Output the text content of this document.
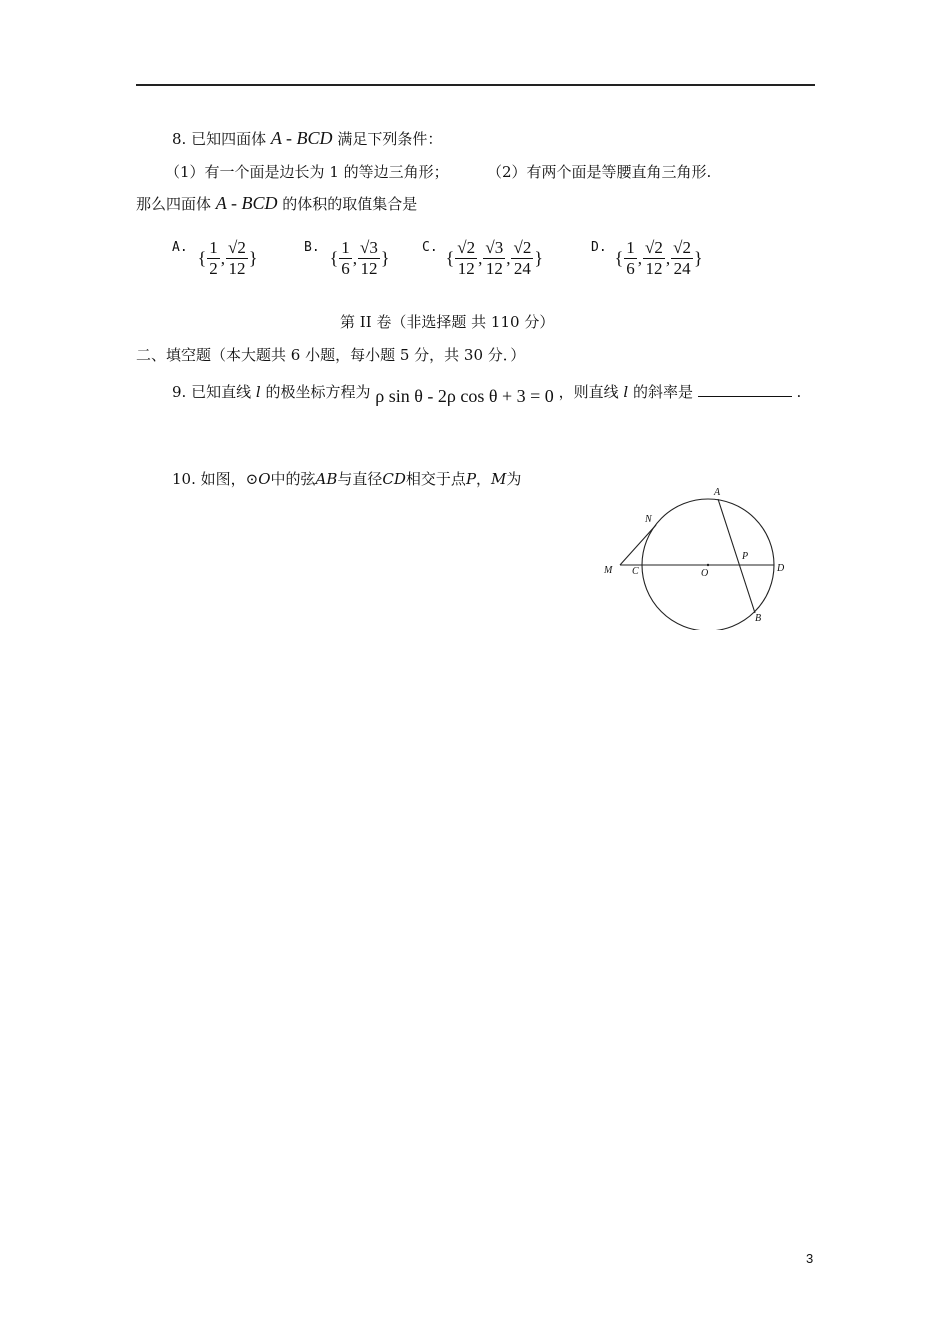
8. 已知四面体 A - BCD 满足下列条件：
（1）有一个面是边长为 1 的等边三角形；	（2）有两个面是等腰直角三角形.
那么四面体 A - BCD 的体积的取值集合是
A.
{ $\frac{1}{2}$ , $\frac{√2}{12}$ }
B.
{ $\frac{1}{6}$ , $\frac{√3}{12}$ }
C.
{ $\frac{√2}{12}$ , $\frac{√3}{12}$ , $\frac{√2}{24}$ }
D.
{ $\frac{1}{6}$ , $\frac{√2}{12}$ , $\frac{√2}{24}$ }
第 II 卷（非选择题 共 110 分）
二、填空题（本大题共 6 小题，每小题 5 分，共 30 分．）
9. 已知直线 l 的极坐标方程为 ρ sin θ - 2ρ cos θ + 3 = 0 ，则直线 l 的斜率是	.
10. 如图，⊙O中的弦AB与直径CD相交于点P，M为
A
N
P
M C	O	D
B
3
